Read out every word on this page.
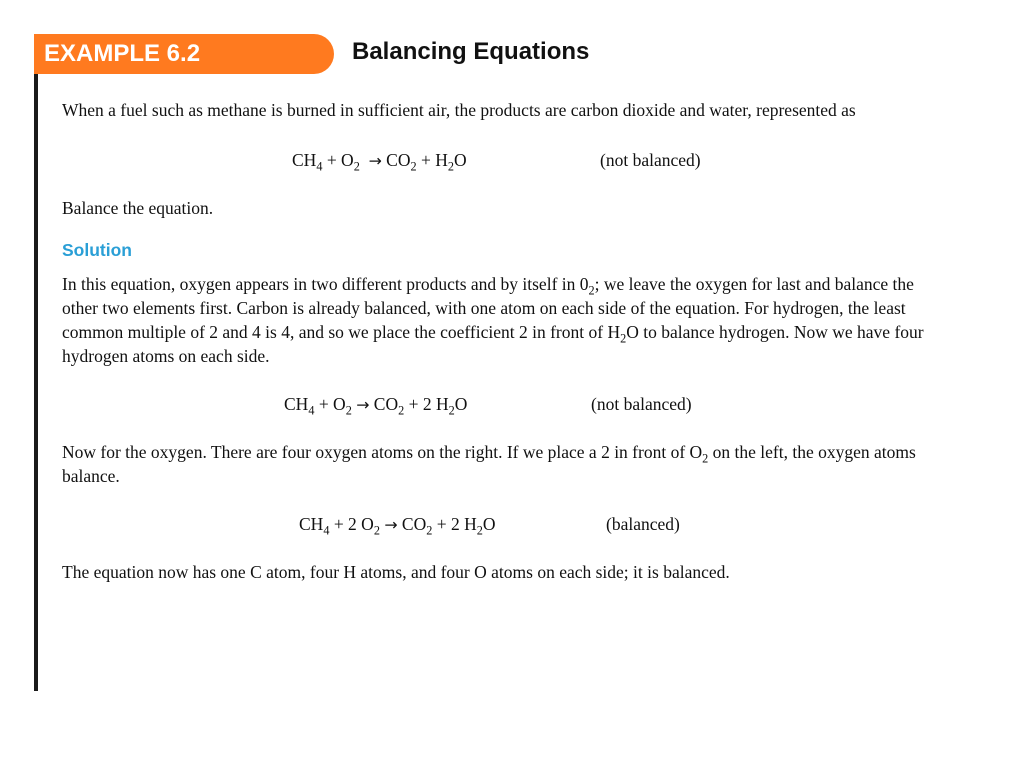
EXAMPLE 6.2	Balancing Equations

When a fuel such as methane is burned in sufficient air, the products are carbon dioxide and water, represented as

$CH_4 + O_2 \to CO_2 + H_2O$	(not balanced)

Balance the equation.

Solution

In this equation, oxygen appears in two different products and by itself in $0_2$; we leave the oxygen for last and balance the other two elements first. Carbon is already balanced, with one atom on each side of the equation. For hydrogen, the least common multiple of 2 and 4 is 4, and so we place the coefficient 2 in front of $H_2O$ to balance hydrogen. Now we have four hydrogen atoms on each side.

$CH_4 + O_2 \to CO_2 + 2$ $H_2O$	(not balanced)

Now for the oxygen. There are four oxygen atoms on the right. If we place a 2 in front of $O_2$ on the left, the oxygen atoms balance.

$CH_4 + 2$ $O_2 \to CO_2 + 2$ $H_2O$	(balanced)

The equation now has one C atom, four H atoms, and four O atoms on each side; it is balanced.
